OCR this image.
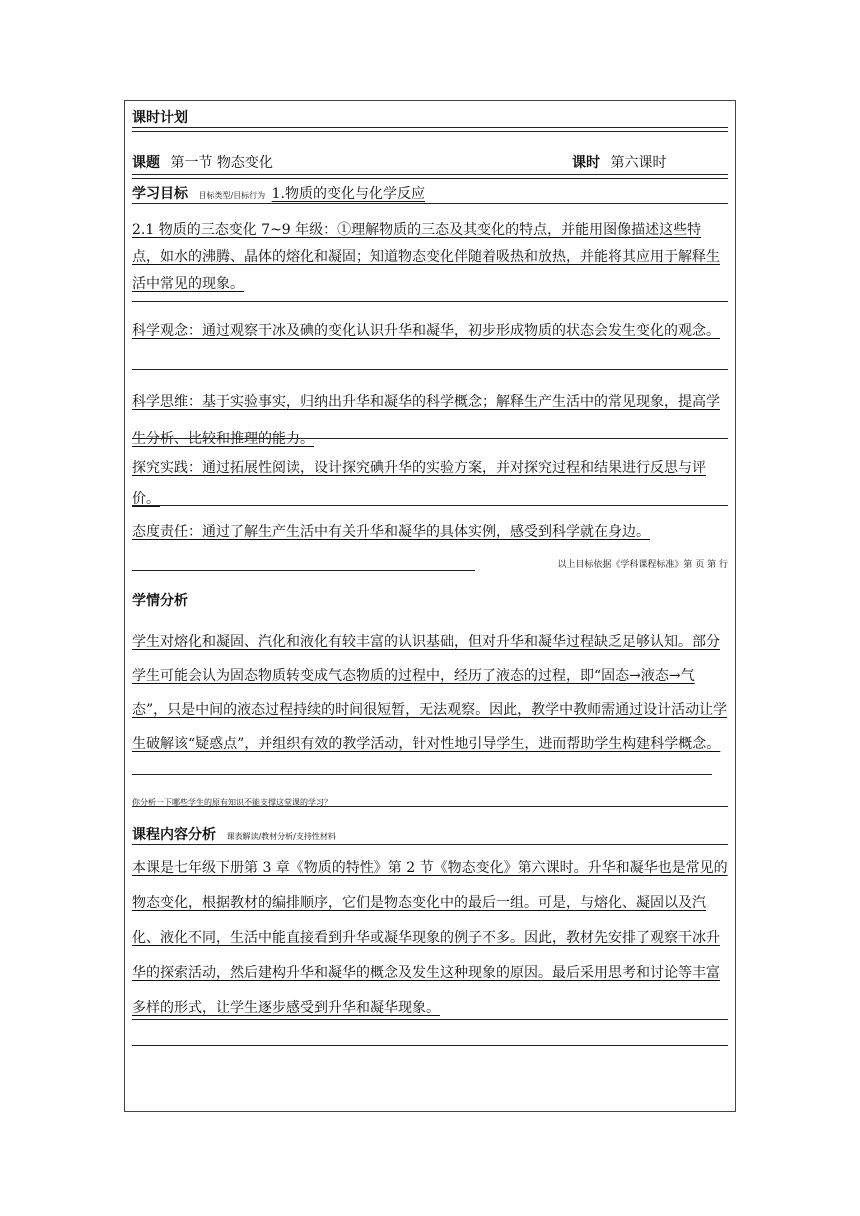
课时计划
课题 第一节 物态变化	课时 第六课时
学习目标 目标类型/目标行为 1.物质的变化与化学反应
2.1 物质的三态变化 7~9 年级：①理解物质的三态及其变化的特点，并能用图像描述这些特点，如水的沸腾、晶体的熔化和凝固；知道物态变化伴随着吸热和放热，并能将其应用于解释生活中常见的现象。
科学观念：通过观察干冰及碘的变化认识升华和凝华，初步形成物质的状态会发生变化的观念。
科学思维：基于实验事实，归纳出升华和凝华的科学概念；解释生产生活中的常见现象，提高学生分析、比较和推理的能力。
探究实践：通过拓展性阅读，设计探究碘升华的实验方案，并对探究过程和结果进行反思与评价。
态度责任：通过了解生产生活中有关升华和凝华的具体实例，感受到科学就在身边。
以上目标依据《学科课程标准》第 页 第 行
学情分析
学生对熔化和凝固、汽化和液化有较丰富的认识基础，但对升华和凝华过程缺乏足够认知。部分学生可能会认为固态物质转变成气态物质的过程中，经历了液态的过程，即“固态→液态→气态”，只是中间的液态过程持续的时间很短暂，无法观察。因此，教学中教师需通过设计活动让学生破解该“疑惑点”，并组织有效的教学活动，针对性地引导学生，进而帮助学生构建科学概念。
你分析一下哪些学生的原有知识不能支撑这堂课的学习？
课程内容分析 课表解读/教材分析/支持性材料
本课是七年级下册第 3 章《物质的特性》第 2 节《物态变化》第六课时。升华和凝华也是常见的物态变化，根据教材的编排顺序，它们是物态变化中的最后一组。可是，与熔化、凝固以及汽化、液化不同，生活中能直接看到升华或凝华现象的例子不多。因此，教材先安排了观察干冰升华的探索活动，然后建构升华和凝华的概念及发生这种现象的原因。最后采用思考和讨论等丰富多样的形式，让学生逐步感受到升华和凝华现象。
